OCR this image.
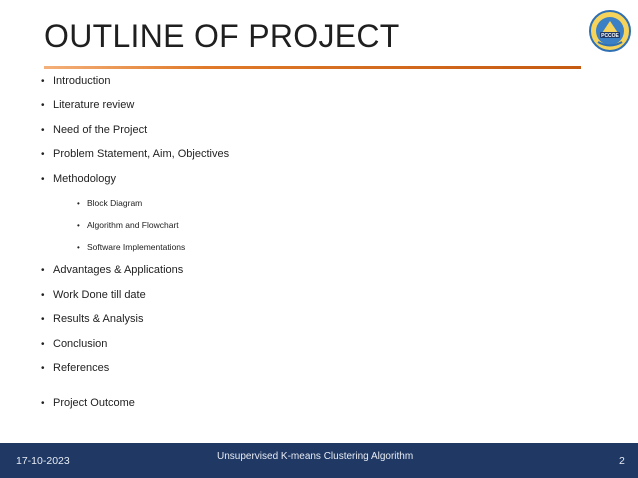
OUTLINE OF PROJECT	PCCOE
• Introduction
• Literature review
• Need of the Project
• Problem Statement, Aim, Objectives
• Methodology
• Block Diagram
• Algorithm and Flowchart
• Software Implementations
• Advantages & Applications
• Work Done till date
• Results & Analysis
• Conclusion
• References
• Project Outcome
17-10-2023	Unsupervised K-means Clustering Algorithm	2
